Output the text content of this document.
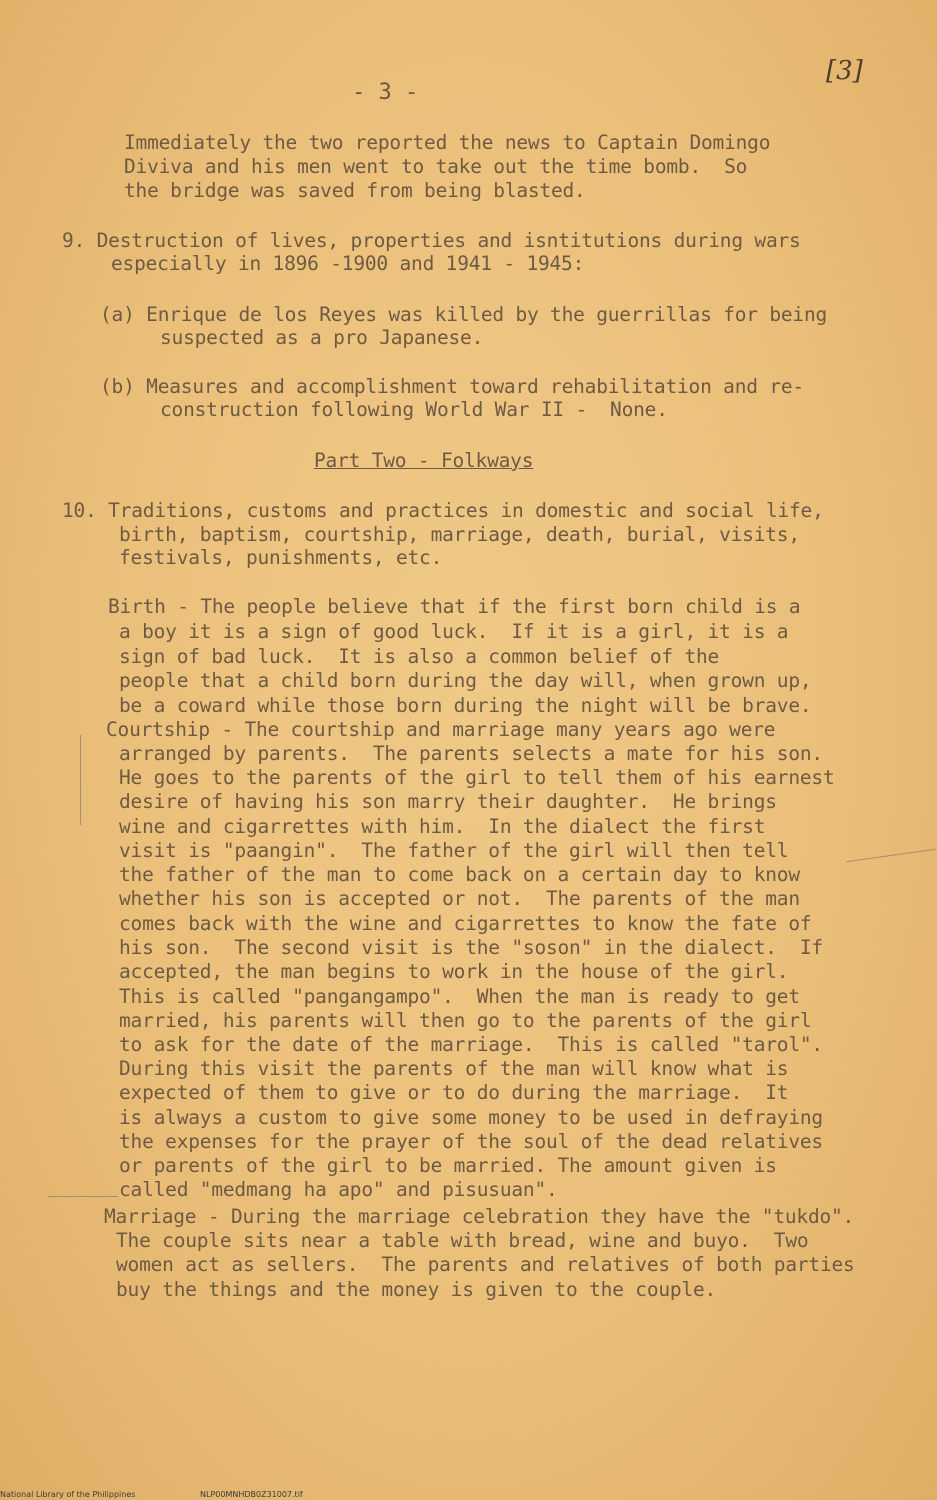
- 3 -
[3]
Immediately the two reported the news to Captain Domingo
Diviva and his men went to take out the time bomb.  So
the bridge was saved from being blasted.
9. Destruction of lives, properties and isntitutions during wars
especially in 1896 -1900 and 1941 - 1945:
(a) Enrique de los Reyes was killed by the guerrillas for being
suspected as a pro Japanese.
(b) Measures and accomplishment toward rehabilitation and re-
construction following World War II -  None.
Part Two - Folkways
10. Traditions, customs and practices in domestic and social life,
birth, baptism, courtship, marriage, death, burial, visits,
festivals, punishments, etc.
Birth - The people believe that if the first born child is a
a boy it is a sign of good luck.  If it is a girl, it is a
sign of bad luck.  It is also a common belief of the
people that a child born during the day will, when grown up,
be a coward while those born during the night will be brave.
Courtship - The courtship and marriage many years ago were
arranged by parents.  The parents selects a mate for his son.
He goes to the parents of the girl to tell them of his earnest
desire of having his son marry their daughter.  He brings
wine and cigarrettes with him.  In the dialect the first
visit is "paangin".  The father of the girl will then tell
the father of the man to come back on a certain day to know
whether his son is accepted or not.  The parents of the man
comes back with the wine and cigarrettes to know the fate of
his son.  The second visit is the "soson" in the dialect.  If
accepted, the man begins to work in the house of the girl.
This is called "pangangampo".  When the man is ready to get
married, his parents will then go to the parents of the girl
to ask for the date of the marriage.  This is called "tarol".
During this visit the parents of the man will know what is
expected of them to give or to do during the marriage.  It
is always a custom to give some money to be used in defraying
the expenses for the prayer of the soul of the dead relatives
or parents of the girl to be married. The amount given is
called "medmang ha apo" and pisusuan".
Marriage - During the marriage celebration they have the "tukdo".
The couple sits near a table with bread, wine and buyo.  Two
women act as sellers.  The parents and relatives of both parties
buy the things and the money is given to the couple.
National Library of the Philippines	NLP00MNHDB0Z31007.tif
